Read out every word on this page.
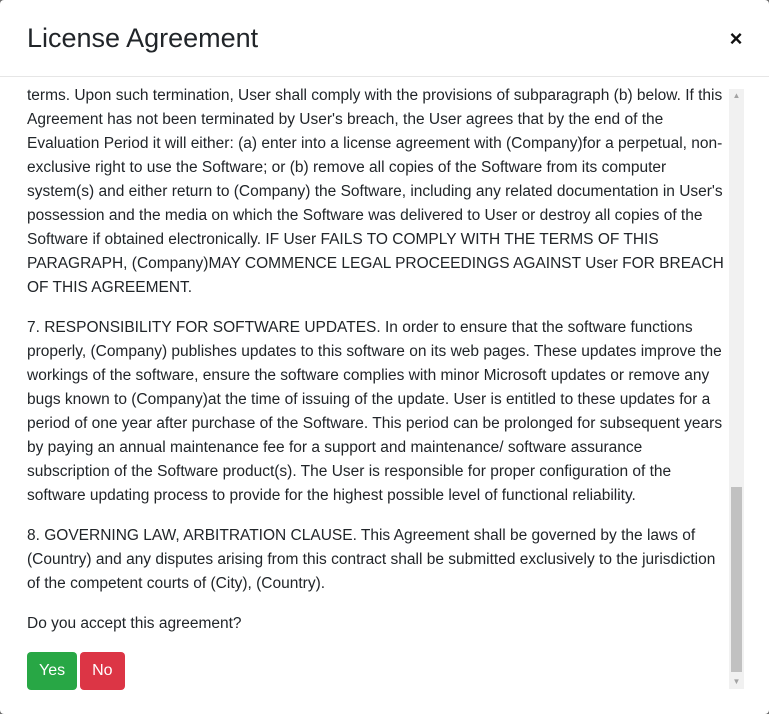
License Agreement	×

terms. Upon such termination, User shall comply with the provisions of subparagraph (b) below. If this Agreement has not been terminated by User's breach, the User agrees that by the end of the Evaluation Period it will either: (a) enter into a license agreement with (Company)for a perpetual, non-exclusive right to use the Software; or (b) remove all copies of the Software from its computer system(s) and either return to (Company) the Software, including any related documentation in User's possession and the media on which the Software was delivered to User or destroy all copies of the Software if obtained electronically. IF User FAILS TO COMPLY WITH THE TERMS OF THIS PARAGRAPH, (Company)MAY COMMENCE LEGAL PROCEEDINGS AGAINST User FOR BREACH OF THIS AGREEMENT.

7. RESPONSIBILITY FOR SOFTWARE UPDATES. In order to ensure that the software functions properly, (Company) publishes updates to this software on its web pages. These updates improve the workings of the software, ensure the software complies with minor Microsoft updates or remove any bugs known to (Company)at the time of issuing of the update. User is entitled to these updates for a period of one year after purchase of the Software. This period can be prolonged for subsequent years by paying an annual maintenance fee for a support and maintenance/ software assurance subscription of the Software product(s). The User is responsible for proper configuration of the software updating process to provide for the highest possible level of functional reliability.

8. GOVERNING LAW, ARBITRATION CLAUSE. This Agreement shall be governed by the laws of (Country) and any disputes arising from this contract shall be submitted exclusively to the jurisdiction of the competent courts of (City), (Country).

Do you accept this agreement?

Yes No
▲
▼
